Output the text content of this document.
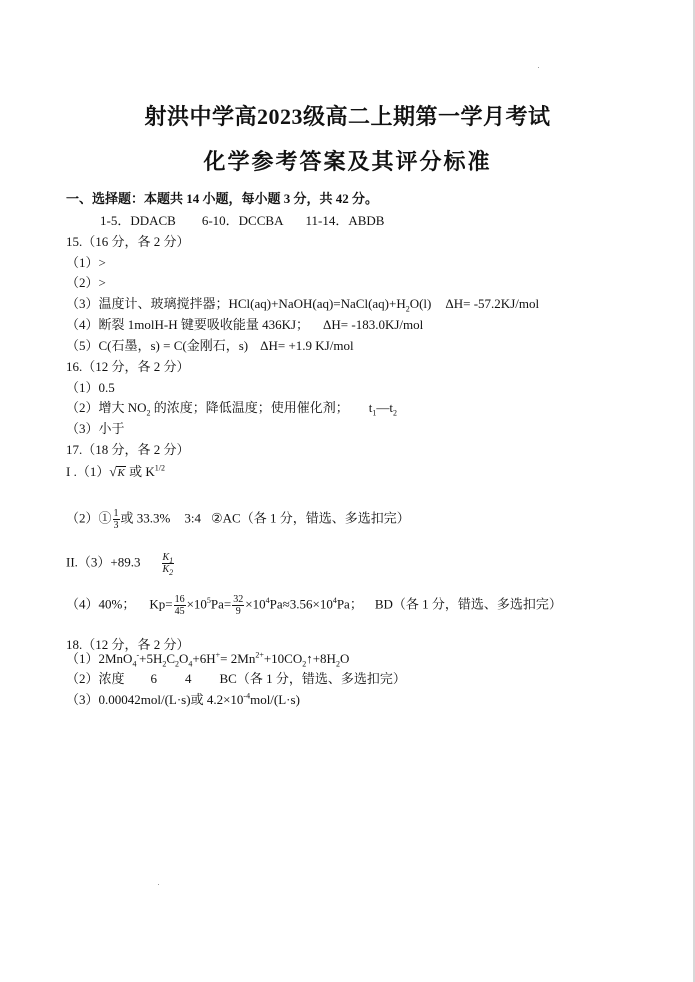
射洪中学高2023级高二上期第一学月考试
化学参考答案及其评分标准
一、选择题：本题共 14 小题，每小题 3 分，共 42 分。
1-5．DDACB 6-10．DCCBA 11-14．ABDB
15.（16 分，各 2 分）
（1）>
（2）>
（3）温度计、玻璃搅拌器；$HCl(aq)+NaOH(aq)=NaCl(aq)+H_2O(l)$ ΔH= -57.2KJ/mol
（4）断裂 1molH-H 键要吸收能量 436KJ； ΔH= -183.0KJ/mol
（5）C(石墨，s) = C(金刚石，s) ΔH= +1.9 KJ/mol
16.（12 分，各 2 分）
（1）0.5
（2）增大 $NO_2$ 的浓度；降低温度；使用催化剂； $t_1—t_2$
（3）小于
17.（18 分，各 2 分）
I .（1）√K 或 $K^{1/2}$
（2）① $\frac{1}{3}$ 或 33.3% 3:4 ②AC（各 1 分，错选、多选扣完）
$II.(3)+89.3 \frac{K_1}{K_2}$
（4）40%； $Kp= \frac{16}{45} \times 10^5Pa= \frac{32}{9} \times 10^4Pa\approx 3.56\times 10^4Pa$； BD（各 1 分，错选、多选扣完）
18.（12 分，各 2 分）
$(1)2MnO_4^-+5H_2C_2O_4+6H^+=$ $2Mn^{2+}+10CO_2↑+8H_2O$
（2）浓度 6 4 BC（各 1 分，错选、多选扣完）
（3）0.00042mol/(L·s)或 $4.2\times 10^{-4}mol/(L\cdot s)$
